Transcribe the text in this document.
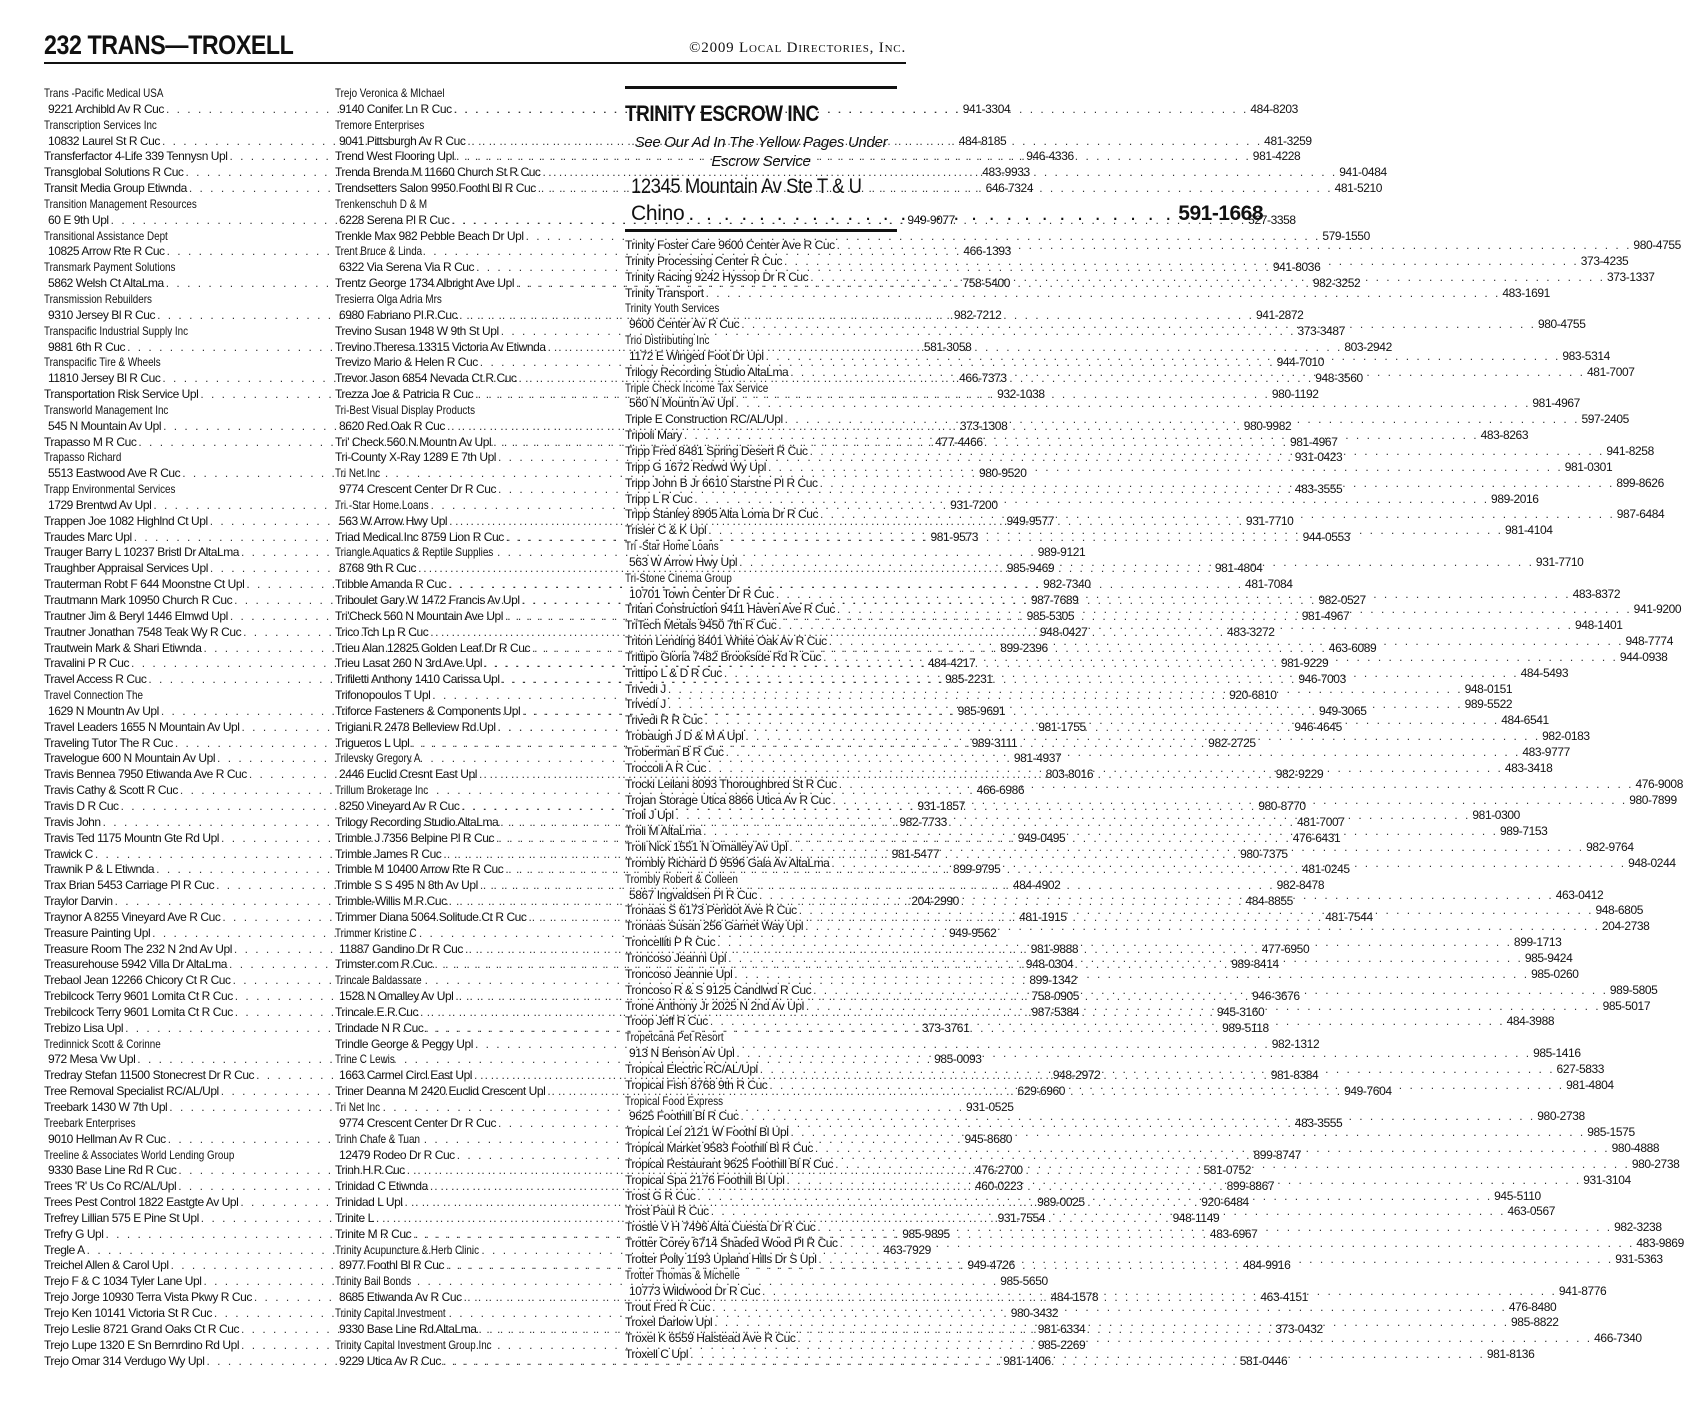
232 TRANS—TROXELL	©2009 Local Directories, Inc.
Trans -Pacific Medical USA
9221 Archibld Av R Cuc . . .	941-3304
Transcription Services Inc
10832 Laurel St R Cuc . . .	484-8185
Transferfactor 4-Life 339 Tennysn Upl . . .	946-4336
Transglobal Solutions R Cuc . . .	483-9933
Transit Media Group Etiwnda . . .	646-7324
Transition Management Resources
60 E 9th Upl . . .	949-9077
Transitional Assistance Dept
10825 Arrow Rte R Cuc . . .	466-1393
Transmark Payment Solutions
5862 Welsh Ct AltaLma . . .	758-5400
Transmission Rebuilders
9310 Jersey Bl R Cuc . . .	982-7212
Transpacific Industrial Supply Inc
9881 6th R Cuc . . .	581-3058
Transpacific Tire & Wheels
11810 Jersey Bl R Cuc . . .	466-7373
Transportation Risk Service Upl . . .	932-1038
Transworld Management Inc
545 N Mountain Av Upl . . .	373-1308
Trapasso M R Cuc . . .	477-4466
Trapasso Richard
5513 Eastwood Ave R Cuc . . .	980-9520
Trapp Environmental Services
1729 Brentwd Av Upl . . .	931-7200
Trappen Joe 1082 Highlnd Ct Upl . . .	949-9577
Traudes Marc Upl . . .	981-9573
Trauger Barry L 10237 Bristl Dr AltaLma . . .	989-9121
Traughber Appraisal Services Upl . . .	985-9469
Trauterman Robt F 644 Moonstne Ct Upl . . .	982-7340
Trautmann Mark 10950 Church R Cuc . . .	987-7689
Trautner Jim & Beryl 1446 Elmwd Upl . . .	985-5305
Trautner Jonathan 7548 Teak Wy R Cuc . . .	948-0427
Trautwein Mark & Shari Etiwnda . . .	899-2396
Travalini P R Cuc . . .	484-4217
Travel Access R Cuc . . .	985-2231
Travel Connection The
1629 N Mountn Av Upl . . .	985-9691
Travel Leaders 1655 N Mountain Av Upl . . .	981-1755
Traveling Tutor The R Cuc . . .	989-3111
Travelogue 600 N Mountain Av Upl . . .	981-4937
Travis Bennea 7950 Etiwanda Ave R Cuc . . .	803-8016
Travis Cathy & Scott R Cuc . . .	466-6986
Travis D R Cuc . . .	931-1857
Travis John . . .	982-7733
Travis Ted 1175 Mountn Gte Rd Upl . . .	949-0495
Trawick C . . .	981-5477
Trawnik P & L Etiwnda . . .	899-9795
Trax Brian 5453 Carriage Pl R Cuc . . .	484-4902
Traylor Darvin . . .	204-2990
Traynor A 8255 Vineyard Ave R Cuc . . .	481-1915
Treasure Painting Upl . . .	949-9562
Treasure Room The 232 N 2nd Av Upl . . .	981-9888
Treasurehouse 5942 Villa Dr AltaLma . . .	948-0304
Trebaol Jean 12266 Chicory Ct R Cuc . . .	899-1342
Trebilcock Terry 9601 Lomita Ct R Cuc . . .	758-0905
Trebilcock Terry 9601 Lomita Ct R Cuc . . .	987-5384
Trebizo Lisa Upl . . .	373-3761
Tredinnick Scott & Corinne
972 Mesa Vw Upl . . .	985-0093
Tredray Stefan 11500 Stonecrest Dr R Cuc . . .	948-2972
Tree Removal Specialist RC/AL/Upl . . .	629-6960
Treebark 1430 W 7th Upl . . .	931-0525
Treebark Enterprises
9010 Hellman Av R Cuc . . .	945-8680
Treeline & Associates World Lending Group
9330 Base Line Rd R Cuc . . .	476-2700
Trees 'R' Us Co RC/AL/Upl . . .	460-0223
Trees Pest Control 1822 Eastgte Av Upl . . .	989-0025
Trefrey Lillian 575 E Pine St Upl . . .	931-7554
Trefry G Upl . . .	985-9895
Tregle A . . .	463-7929
Treichel Allen & Carol Upl . . .	949-4726
Trejo F & C 1034 Tyler Lane Upl . . .	985-5650
Trejo Jorge 10930 Terra Vista Pkwy R Cuc . . .	484-1578
Trejo Ken 10141 Victoria St R Cuc . . .	980-3432
Trejo Leslie 8721 Grand Oaks Ct R Cuc . . .	981-6334
Trejo Lupe 1320 E Sn Bernrdino Rd Upl . . .	985-2269
Trejo Omar 314 Verdugo Wy Upl . . .	981-1406
Trejo Veronica & MIchael
9140 Conifer Ln R Cuc . . .	484-8203
Tremore Enterprises
9041 Pittsburgh Av R Cuc . . .	481-3259
Trend West Flooring Upl . . .	981-4228
Trenda Brenda M 11660 Church St R Cuc . . .	941-0484
Trendsetters Salon 9950 Foothl Bl R Cuc . . .	481-5210
Trenkenschuh D & M
6228 Serena Pl R Cuc . . .	527-3358
Trenkle Max 982 Pebble Beach Dr Upl . . .	579-1550
Trent Bruce & Linda
6322 Via Serena Via R Cuc . . .	941-8036
Trentz George 1734 Albright Ave Upl . . .	982-3252
Tresierra Olga Adria Mrs
6980 Fabriano Pl R Cuc . . .	941-2872
Trevino Susan 1948 W 9th St Upl . . .	373-3487
Trevino Theresa 13315 Victoria Av Etiwnda . . .	803-2942
Trevizo Mario & Helen R Cuc . . .	944-7010
Trevor Jason 6854 Nevada Ct R Cuc . . .	948-3560
Trezza Joe & Patricia R Cuc . . .	980-1192
Tri-Best Visual Display Products
8620 Red Oak R Cuc . . .	980-9982
Tri' Check 560 N Mountn Av Upl . . .	981-4967
Tri-County X-Ray 1289 E 7th Upl . . .	931-0423
Tri Net Inc
9774 Crescent Center Dr R Cuc . . .	483-3555
Tri -Star Home Loans
563 W Arrow Hwy Upl . . .	931-7710
Triad Medical Inc 8759 Lion R Cuc . . .	944-0553
Triangle Aquatics & Reptile Supplies
8768 9th R Cuc . . .	981-4804
Tribble Amanda R Cuc . . .	481-7084
Triboulet Gary W 1472 Francis Av Upl . . .	982-0527
Tri'Check 560 N Mountain Ave Upl . . .	981-4967
Trico Tch Lp R Cuc . . .	483-3272
Trieu Alan 12825 Golden Leaf Dr R Cuc . . .	463-6089
Trieu Lasat 260 N 3rd Ave Upl . . .	981-9229
Trifiletti Anthony 1410 Carissa Upl . . .	946-7003
Trifonopoulos T Upl . . .	920-6810
Triforce Fasteners & Components Upl . . .	949-3065
Trigiani R 2478 Belleview Rd Upl . . .	946-4645
Trigueros L Upl . . .	982-2725
Trilevsky Gregory A
2446 Euclid Cresnt East Upl . . .	982-9229
Trillum Brokerage Inc
8250 Vineyard Av R Cuc . . .	980-8770
Trilogy Recording Studio AltaLma . . .	481-7007
Trimble J 7356 Belpine Pl R Cuc . . .	476-6431
Trimble James R Cuc . . .	980-7375
Trimble M 10400 Arrow Rte R Cuc . . .	481-0245
Trimble S S 495 N 8th Av Upl . . .	982-8478
Trimble-Willis M R Cuc . . .	484-8855
Trimmer Diana 5064 Solitude Ct R Cuc . . .	481-7544
Trimmer Kristine C
11887 Gandino Dr R Cuc . . .	477-6950
Trimster.com R Cuc . . .	989-8414
Trincale Baldassare
1528 N Omalley Av Upl . . .	946-3676
Trincale E R Cuc . . .	945-3160
Trindade N R Cuc . . .	989-5118
Trindle George & Peggy Upl . . .	982-1312
Trine C Lewis
1663 Carmel Circl East Upl . . .	981-8384
Triner Deanna M 2420 Euclid Crescent Upl . . .	949-7604
Tri Net Inc
9774 Crescent Center Dr R Cuc . . .	483-3555
Trinh Chafe & Tuan
12479 Rodeo Dr R Cuc . . .	899-8747
Trinh H R Cuc . . .	581-0752
Trinidad C Etiwnda . . .	899-8867
Trinidad L Upl . . .	920-6484
Trinite L . . .	948-1149
Trinite M R Cuc . . .	483-6967
Trinity Acupuncture & Herb Clinic
8977 Foothl Bl R Cuc . . .	484-9916
Trinity Bail Bonds
8685 Etiwanda Av R Cuc . . .	463-4151
Trinity Capital Investment
9330 Base Line Rd AltaLma . . .	373-0432
Trinity Capital Investment Group Inc
9229 Utica Av R Cuc . . .	581-0446
TRINITY ESCROW INC
See Our Ad In The Yellow Pages Under
Escrow Service
12345 Mountain Av Ste T & U
Chino . . .	591-1668
Trinity Foster Care 9600 Center Ave R Cuc . . .	980-4755
Trinity Processing Center R Cuc . . .	373-4235
Trinity Racing 9242 Hyssop Dr R Cuc . . .	373-1337
Trinity Transport . . .	483-1691
Trinity Youth Services
9600 Center Av R Cuc . . .	980-4755
Trio Distributing Inc
1172 E Winged Foot Dr Upl . . .	983-5314
Trilogy Recording Studio AltaLma . . .	481-7007
Triple Check Income Tax Service
560 N Mountn Av Upl . . .	981-4967
Triple E Construction RC/AL/Upl . . .	597-2405
Tripoli Mary . . .	483-8263
Tripp Fred 8481 Spring Desert R Cuc . . .	941-8258
Tripp G 1672 Redwd Wy Upl . . .	981-0301
Tripp John B Jr 6610 Starstne Pl R Cuc . . .	899-8626
Tripp L R Cuc . . .	989-2016
Tripp Stanley 8905 Alta Loma Dr R Cuc . . .	987-6484
Trisler C & K Upl . . .	981-4104
Tri -Star Home Loans
563 W Arrow Hwy Upl . . .	931-7710
Tri-Stone Cinema Group
10701 Town Center Dr R Cuc . . .	483-8372
Tritan Construction 9411 Haven Ave R Cuc . . .	941-9200
TriTech Metals 9450 7th R Cuc . . .	948-1401
Triton Lending 8401 White Oak Av R Cuc . . .	948-7774
Trittipo Gloria 7482 Brookside Rd R Cuc . . .	944-0938
Trittipo L & D R Cuc . . .	484-5493
Trivedi J . . .	948-0151
Trivedi J . . .	989-5522
Trivedi R R Cuc . . .	484-6541
Trobaugh J D & M A Upl . . .	982-0183
Troberman B R Cuc . . .	483-9777
Troccoli A R Cuc . . .	483-3418
Trocki Leilani 8093 Thoroughbred St R Cuc . . .	476-9008
Trojan Storage Utica 8866 Utica Av R Cuc . . .	980-7899
Troli J Upl . . .	981-0300
Troli M AltaLma . . .	989-7153
Troli Nick 1551 N Omalley Av Upl . . .	982-9764
Trombly Richard D 9596 Gala Av AltaLma . . .	948-0244
Trombly Robert & Colleen
5867 Ingvaldsen Pl R Cuc . . .	463-0412
Tronaas S 6173 Peridot Ave R Cuc . . .	948-6805
Tronaas Susan 256 Garnet Way Upl . . .	204-2738
Troncelliti P R Cuc . . .	899-1713
Troncoso Jeanni Upl . . .	985-9424
Troncoso Jeannie Upl . . .	985-0260
Troncoso R & S 9125 Candlwd R Cuc . . .	989-5805
Trone Anthony Jr 2025 N 2nd Av Upl . . .	985-5017
Troop Jeff R Cuc . . .	484-3988
Tropetcana Pet Resort
913 N Benson Av Upl . . .	985-1416
Tropical Electric RC/AL/Upl . . .	627-5833
Tropical Fish 8768 9th R Cuc . . .	981-4804
Tropical Food Express
9625 Foothill Bl R Cuc . . .	980-2738
Tropical Lei 2121 W Foothl Bl Upl . . .	985-1575
Tropical Market 9583 Foothill Bl R Cuc . . .	980-4888
Tropical Restaurant 9625 Foothill Bl R Cuc . . .	980-2738
Tropical Spa 2176 Foothill Bl Upl . . .	931-3104
Trost G R Cuc . . .	945-5110
Trost Paul R Cuc . . .	463-0567
Trostle V H 7496 Alta Cuesta Dr R Cuc . . .	982-3238
Trotter Corey 6714 Shaded Wood Pl R Cuc . . .	483-9869
Trotter Polly 1193 Upland Hills Dr S Upl . . .	931-5363
Trotter Thomas & Michelle
10773 Wildwood Dr R Cuc . . .	941-8776
Trout Fred R Cuc . . .	476-8480
Troxel Darlow Upl . . .	985-8822
Troxel K 6559 Halstead Ave R Cuc . . .	466-7340
Troxell C Upl . . .	981-8136
